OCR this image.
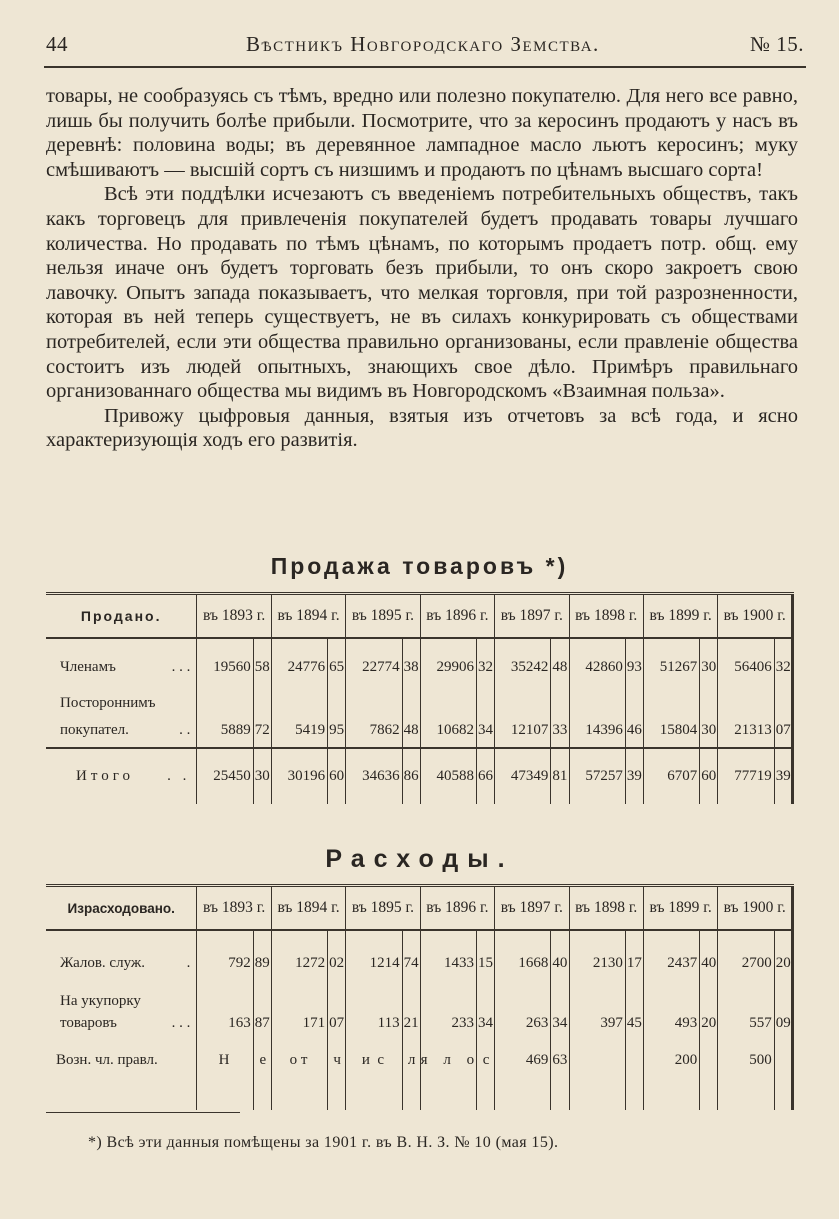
44	Вѣстникъ Новгородскаго Земства.	№ 15.

товары, не сообразуясь съ тѣмъ, вредно или полезно покупателю. Для него все равно, лишь бы получить болѣе прибыли. Посмотрите, что за керосинъ продаютъ у насъ въ деревнѣ: половина воды; въ деревянное лампадное масло льютъ керосинъ; муку смѣшиваютъ — высшій сортъ съ низшимъ и продаютъ по цѣнамъ высшаго сорта!

Всѣ эти поддѣлки исчезаютъ съ введеніемъ потребительныхъ обществъ, такъ какъ торговецъ для привлеченія покупателей будетъ продавать товары лучшаго количества. Но продавать по тѣмъ цѣнамъ, по которымъ продаетъ потр. общ. ему нельзя иначе онъ будетъ торговать безъ прибыли, то онъ скоро закроетъ свою лавочку. Опытъ запада показываетъ, что мелкая торговля, при той разрозненности, которая въ ней теперь существуетъ, не въ силахъ конкурировать съ обществами потребителей, если эти общества правильно организованы, если правленіе общества состоитъ изъ людей опытныхъ, знающихъ свое дѣло. Примѣръ правильнаго организованнаго общества мы видимъ въ Новгородскомъ «Взаимная польза».

Привожу цыфровыя данныя, взятыя изъ отчетовъ за всѣ года, и ясно характеризующія ходъ его развитія.

Продажа товаровъ *)
Продано.	въ 1893 г.		въ 1894 г.		въ 1895 г.		въ 1896 г.		въ 1897 г.		въ 1898 г.		въ 1899 г.		въ 1900 г.	
Членамъ . . .	19560	58	24776	65	22774	38	29906	32	35242	48	42860	93	51267	30	56406	32
Постороннимъ																
покупател. . .	5889	72	5419	95	7862	48	10682	34	12107	33	14396	46	15804	30	21313	07
Итого . .	25450	30	30196	60	34636	86	40588	66	47349	81	57257	39	6707	60	77719	39
Расходы.
Израсходовано.	въ 1893 г.		въ 1894 г.		въ 1895 г.		въ 1896 г.		въ 1897 г.		въ 1898 г.		въ 1899 г.		въ 1900 г.	
Жалов. служ. .	792	89	1272	02	1214	74	1433	15	1668	40	2130	17	2437	40	2700	20
На укупорку																
товаровъ . . .	163	87	171	07	113	21	233	34	263	34	397	45	493	20	557	09
Возн. чл. правл.	Н	е	о т	ч	и с	л	я л о	с	469	63			200		500	

*) Всѣ эти данныя помѣщены за 1901 г. въ В. Н. З. № 10 (мая 15).
